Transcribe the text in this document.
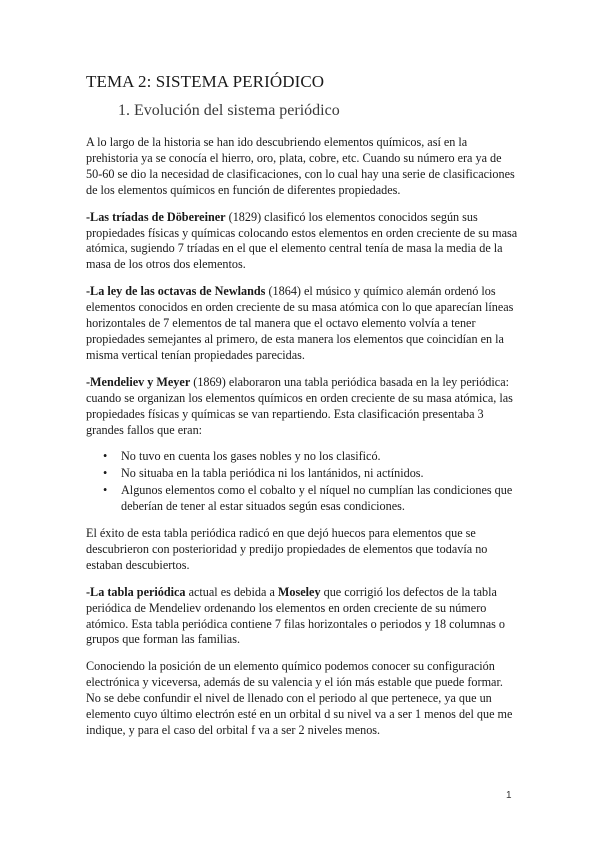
TEMA 2: SISTEMA PERIÓDICO
1. Evolución del sistema periódico

A lo largo de la historia se han ido descubriendo elementos químicos, así en la prehistoria ya se conocía el hierro, oro, plata, cobre, etc. Cuando su número era ya de 50-60 se dio la necesidad de clasificaciones, con lo cual hay una serie de clasificaciones de los elementos químicos en función de diferentes propiedades.

-Las tríadas de Döbereiner (1829) clasificó los elementos conocidos según sus propiedades físicas y químicas colocando estos elementos en orden creciente de su masa atómica, sugiendo 7 tríadas en el que el elemento central tenía de masa la media de la masa de los otros dos elementos.

-La ley de las octavas de Newlands (1864) el músico y químico alemán ordenó los elementos conocidos en orden creciente de su masa atómica con lo que aparecían líneas horizontales de 7 elementos de tal manera que el octavo elemento volvía a tener propiedades semejantes al primero, de esta manera los elementos que coincidían en la misma vertical tenían propiedades parecidas.

-Mendeliev y Meyer (1869) elaboraron una tabla periódica basada en la ley periódica: cuando se organizan los elementos químicos en orden creciente de su masa atómica, las propiedades físicas y químicas se van repartiendo. Esta clasificación presentaba 3 grandes fallos que eran:

• No tuvo en cuenta los gases nobles y no los clasificó.
• No situaba en la tabla periódica ni los lantánidos, ni actínidos.
• Algunos elementos como el cobalto y el níquel no cumplían las condiciones que deberían de tener al estar situados según esas condiciones.

El éxito de esta tabla periódica radicó en que dejó huecos para elementos que se descubrieron con posterioridad y predijo propiedades de elementos que todavía no estaban descubiertos.

-La tabla periódica actual es debida a Moseley que corrigió los defectos de la tabla periódica de Mendeliev ordenando los elementos en orden creciente de su número atómico. Esta tabla periódica contiene 7 filas horizontales o periodos y 18 columnas o grupos que forman las familias.

Conociendo la posición de un elemento químico podemos conocer su configuración electrónica y viceversa, además de su valencia y el ión más estable que puede formar. No se debe confundir el nivel de llenado con el periodo al que pertenece, ya que un elemento cuyo último electrón esté en un orbital d su nivel va a ser 1 menos del que me indique, y para el caso del orbital f va a ser 2 niveles menos.

1
